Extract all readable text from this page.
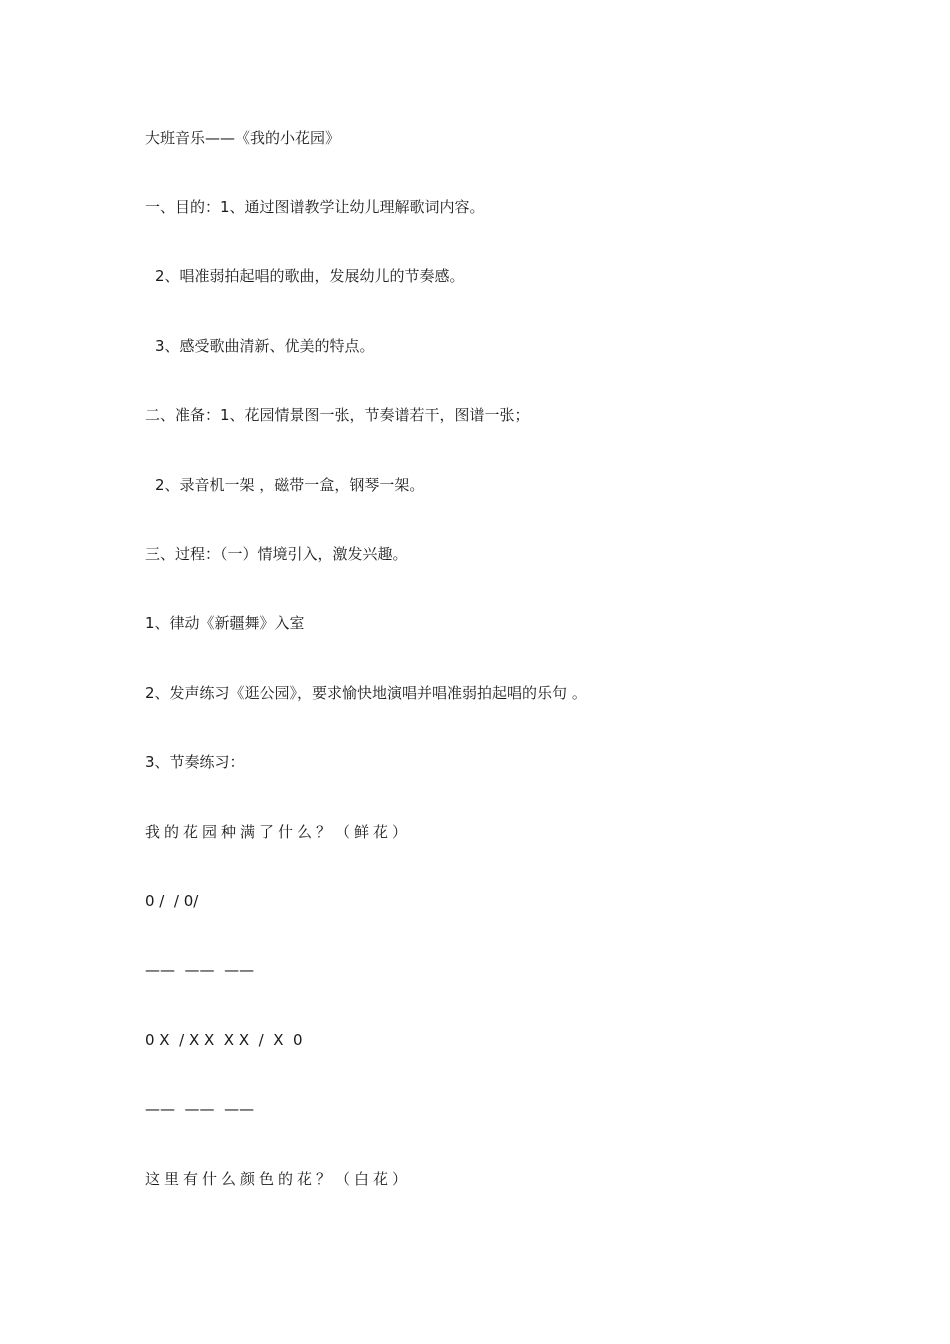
大班音乐——《我的小花园》
一、目的：1、通过图谱教学让幼儿理解歌词内容。
2、唱准弱拍起唱的歌曲，发展幼儿的节奏感。
3、感受歌曲清新、优美的特点。
二、准备：1、花园情景图一张，节奏谱若干，图谱一张；
2、录音机一架 ，磁带一盒，钢琴一架。
三、过程：（一）情境引入，激发兴趣。
1、律动《新疆舞》入室
2、发声练习《逛公园》，要求愉快地演唱并唱准弱拍起唱的乐句 。
3、节奏练习：
我的花园种满了什么？（鲜花）
0 /  / 0/
——  ——  ——
0 X  / X X  X X  /  X  0
——  ——  ——
这里有什么颜色的花？（白花）
